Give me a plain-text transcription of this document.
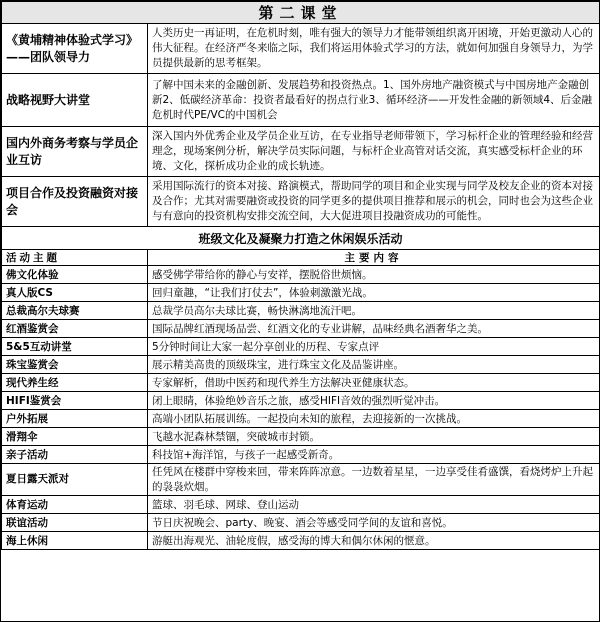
第二课堂	
《黄埔精神体验式学习》——团队领导力	人类历史一再证明，在危机时刻，唯有强大的领导力才能带领组织离开困境，开始更激动人心的伟大征程。在经济严冬来临之际，我们将运用体验式学习的方法，就如何加强自身领导力，为学员提供最新的思考框架。
战略视野大讲堂	了解中国未来的金融创新、发展趋势和投资热点。1、国外房地产融资模式与中国房地产金融创新2、低碳经济革命：投资者最看好的拐点行业3、循环经济——开发性金融的新领域4、后金融危机时代PE/VC的中国机会
国内外商务考察与学员企业互访	深入国内外优秀企业及学员企业互访，在专业指导老师带领下，学习标杆企业的管理经验和经营理念，现场案例分析，解决学员实际问题，与标杆企业高管对话交流，真实感受标杆企业的环境、文化，探析成功企业的成长轨迹。
项目合作及投资融资对接会	采用国际流行的资本对接、路演模式，帮助同学的项目和企业实现与同学及校友企业的资本对接及合作；尤其对需要融资或投资的同学更多的提供项目推荐和展示的机会，同时也会为这些企业与有意向的投资机构安排交流空间，大大促进项目投融资成功的可能性。
班级文化及凝聚力打造之休闲娱乐活动	
活动主题	主要内容
佛文化体验	感受佛学带给你的静心与安祥，摆脱俗世烦恼。
真人版CS	回归童趣，“让我们打仗去”，体验刺激激光战。
总裁高尔夫球赛	总裁学员高尔夫球比赛，畅快淋漓地流汗吧。
红酒鉴赏会	国际品牌红酒现场品尝、红酒文化的专业讲解，品味经典名酒奢华之美。
5&5互动讲堂	5分钟时间让大家一起分享创业的历程、专家点评
珠宝鉴赏会	展示精美高贵的顶级珠宝，进行珠宝文化及品鉴讲座。
现代养生经	专家解析，借助中医药和现代养生方法解决亚健康状态。
HIFI鉴赏会	闭上眼睛，体验绝妙音乐之旅，感受HIFI音效的强烈听觉冲击。
户外拓展	高端小团队拓展训练。一起投向未知的旅程，去迎接新的一次挑战。
滑翔伞	飞越水泥森林禁锢，突破城市封锁。
亲子活动	科技馆+海洋馆，与孩子一起感受新奇。
夏日露天派对	任凭风在楼群中穿梭来回，带来阵阵凉意。一边数着星星，一边享受佳肴盛馔，看烧烤炉上升起的袅袅炊烟。
体育运动	篮球、羽毛球、网球、登山运动
联谊活动	节日庆祝晚会、party、晚宴、酒会等感受同学间的友谊和喜悦。
海上休闲	游艇出海观光、油轮度假，感受海的博大和偶尔休闲的惬意。
